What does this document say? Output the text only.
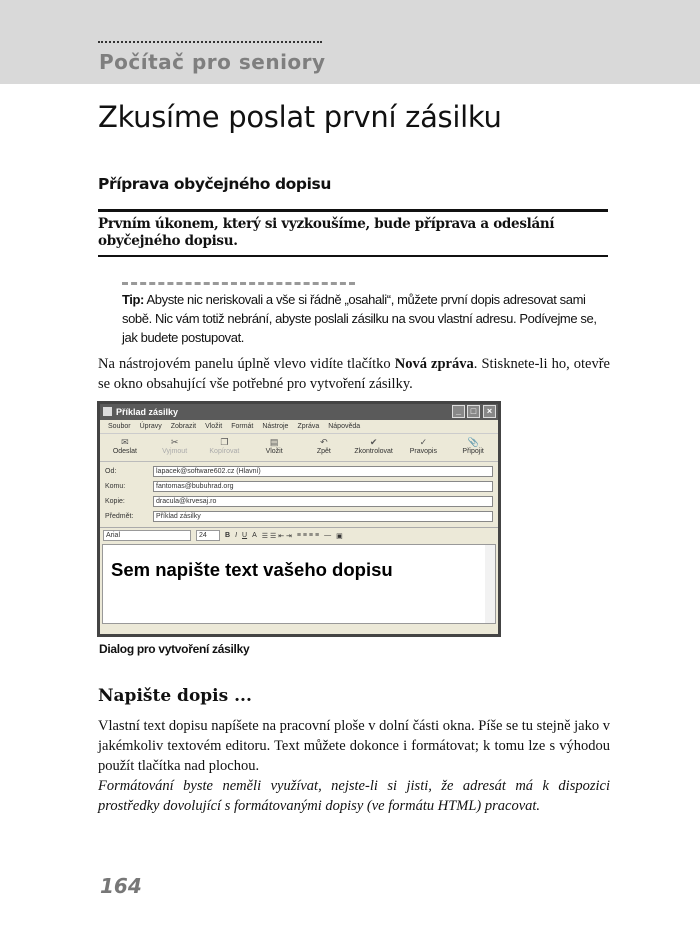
Počítač pro seniory
Zkusíme poslat první zásilku
Příprava obyčejného dopisu
Prvním úkonem, který si vyzkoušíme, bude příprava a odeslání obyčejného dopisu.
Tip: Abyste nic neriskovali a vše si řádně „osahali“, můžete první dopis adresovat sami sobě. Nic vám totiž nebrání, abyste poslali zásilku na svou vlastní adresu. Podívejme se, jak budete postupovat.
Na nástrojovém panelu úplně vlevo vidíte tlačítko Nová zpráva. Stisknete-li ho, otevře se okno obsahující vše potřebné pro vytvoření zásilky.
Příklad zásilky	_	□	×
Soubor Úpravy Zobrazit Vložit Formát Nástroje Zpráva Nápověda
✉
Odeslat
✂
Vyjmout
❐
Kopírovat
▤
Vložit
↶
Zpět
✔
Zkontrolovat
✓
Pravopis
📎
Připojit
Od:	lapacek@software602.cz (Hlavní)
Komu:	fantomas@bubuhrad.org
Kopie:	dracula@krvesaj.ro
Předmět:	Příklad zásilky
Arial	24	B I U A ☰ ☰ ⇤ ⇥ ≡ ≡ ≡ ≡ — ▣
Sem napište text vašeho dopisu
Dialog pro vytvoření zásilky
Napište dopis ...
Vlastní text dopisu napíšete na pracovní ploše v dolní části okna. Píše se tu stejně jako v jakémkoliv textovém editoru. Text můžete dokonce i formátovat; k tomu lze s výhodou použít tlačítka nad plochou.
Formátování byste neměli využívat, nejste-li si jisti, že adresát má k dispozici prostředky dovolující s formátovanými dopisy (ve formátu HTML) pracovat.
164
